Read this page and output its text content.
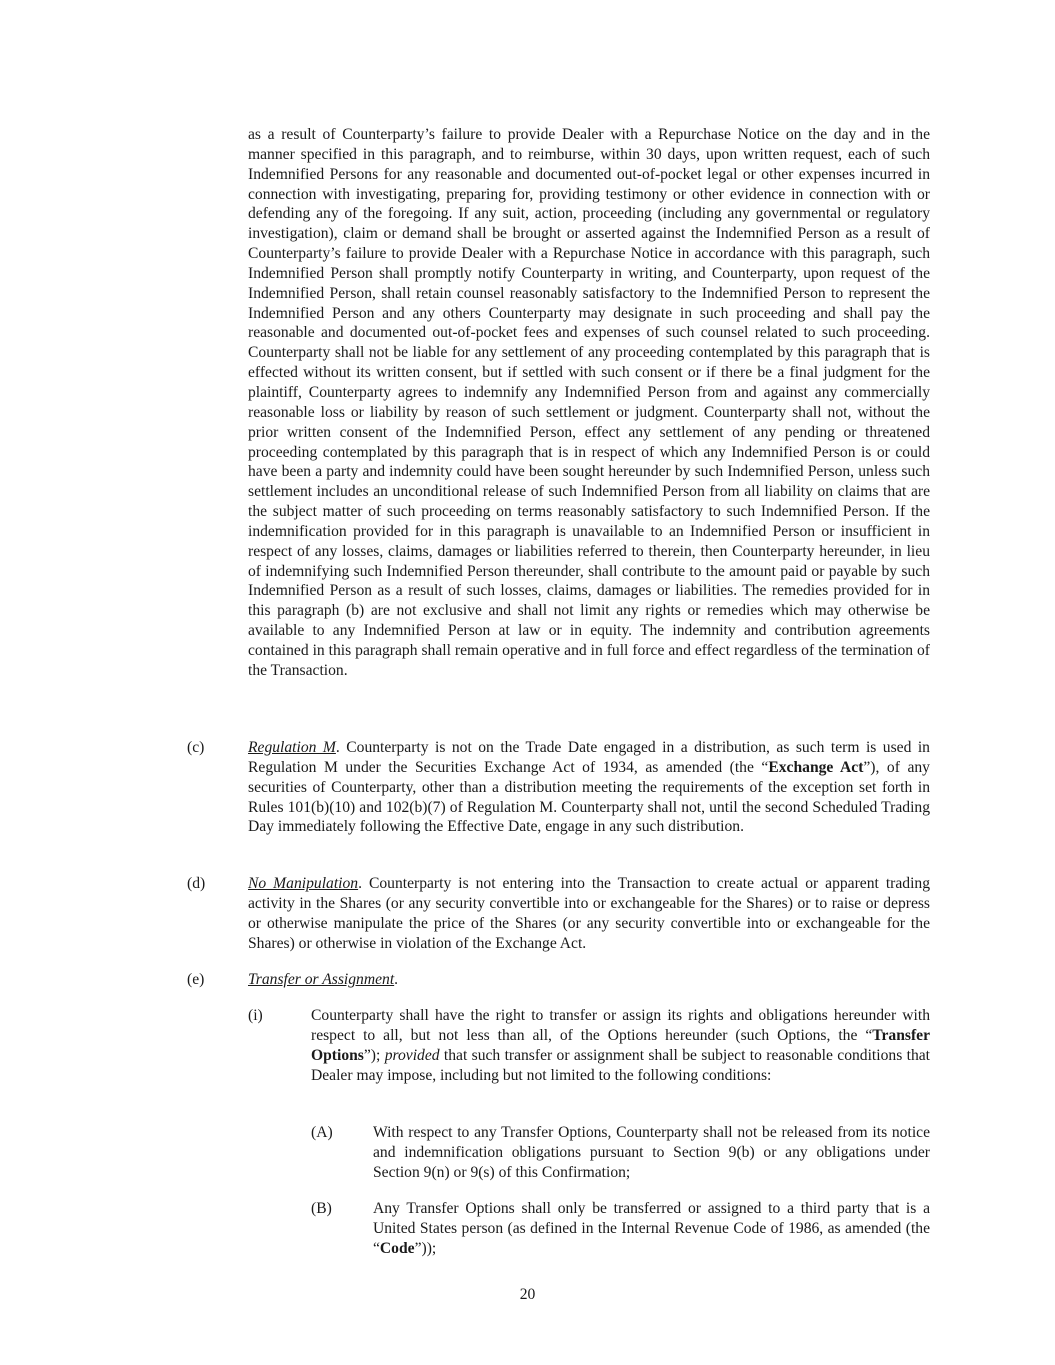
as a result of Counterparty’s failure to provide Dealer with a Repurchase Notice on the day and in the manner specified in this paragraph, and to reimburse, within 30 days, upon written request, each of such Indemnified Persons for any reasonable and documented out-of-pocket legal or other expenses incurred in connection with investigating, preparing for, providing testimony or other evidence in connection with or defending any of the foregoing. If any suit, action, proceeding (including any governmental or regulatory investigation), claim or demand shall be brought or asserted against the Indemnified Person as a result of Counterparty’s failure to provide Dealer with a Repurchase Notice in accordance with this paragraph, such Indemnified Person shall promptly notify Counterparty in writing, and Counterparty, upon request of the Indemnified Person, shall retain counsel reasonably satisfactory to the Indemnified Person to represent the Indemnified Person and any others Counterparty may designate in such proceeding and shall pay the reasonable and documented out-of-pocket fees and expenses of such counsel related to such proceeding. Counterparty shall not be liable for any settlement of any proceeding contemplated by this paragraph that is effected without its written consent, but if settled with such consent or if there be a final judgment for the plaintiff, Counterparty agrees to indemnify any Indemnified Person from and against any commercially reasonable loss or liability by reason of such settlement or judgment. Counterparty shall not, without the prior written consent of the Indemnified Person, effect any settlement of any pending or threatened proceeding contemplated by this paragraph that is in respect of which any Indemnified Person is or could have been a party and indemnity could have been sought hereunder by such Indemnified Person, unless such settlement includes an unconditional release of such Indemnified Person from all liability on claims that are the subject matter of such proceeding on terms reasonably satisfactory to such Indemnified Person. If the indemnification provided for in this paragraph is unavailable to an Indemnified Person or insufficient in respect of any losses, claims, damages or liabilities referred to therein, then Counterparty hereunder, in lieu of indemnifying such Indemnified Person thereunder, shall contribute to the amount paid or payable by such Indemnified Person as a result of such losses, claims, damages or liabilities. The remedies provided for in this paragraph (b) are not exclusive and shall not limit any rights or remedies which may otherwise be available to any Indemnified Person at law or in equity. The indemnity and contribution agreements contained in this paragraph shall remain operative and in full force and effect regardless of the termination of the Transaction.

(c)	Regulation M. Counterparty is not on the Trade Date engaged in a distribution, as such term is used in Regulation M under the Securities Exchange Act of 1934, as amended (the “Exchange Act”), of any securities of Counterparty, other than a distribution meeting the requirements of the exception set forth in Rules 101(b)(10) and 102(b)(7) of Regulation M. Counterparty shall not, until the second Scheduled Trading Day immediately following the Effective Date, engage in any such distribution.

(d)	No Manipulation. Counterparty is not entering into the Transaction to create actual or apparent trading activity in the Shares (or any security convertible into or exchangeable for the Shares) or to raise or depress or otherwise manipulate the price of the Shares (or any security convertible into or exchangeable for the Shares) or otherwise in violation of the Exchange Act.

(e)	Transfer or Assignment.

(i)	Counterparty shall have the right to transfer or assign its rights and obligations hereunder with respect to all, but not less than all, of the Options hereunder (such Options, the “Transfer Options”); provided that such transfer or assignment shall be subject to reasonable conditions that Dealer may impose, including but not limited to the following conditions:

(A)	With respect to any Transfer Options, Counterparty shall not be released from its notice and indemnification obligations pursuant to Section 9(b) or any obligations under Section 9(n) or 9(s) of this Confirmation;

(B)	Any Transfer Options shall only be transferred or assigned to a third party that is a United States person (as defined in the Internal Revenue Code of 1986, as amended (the “Code”));

20
